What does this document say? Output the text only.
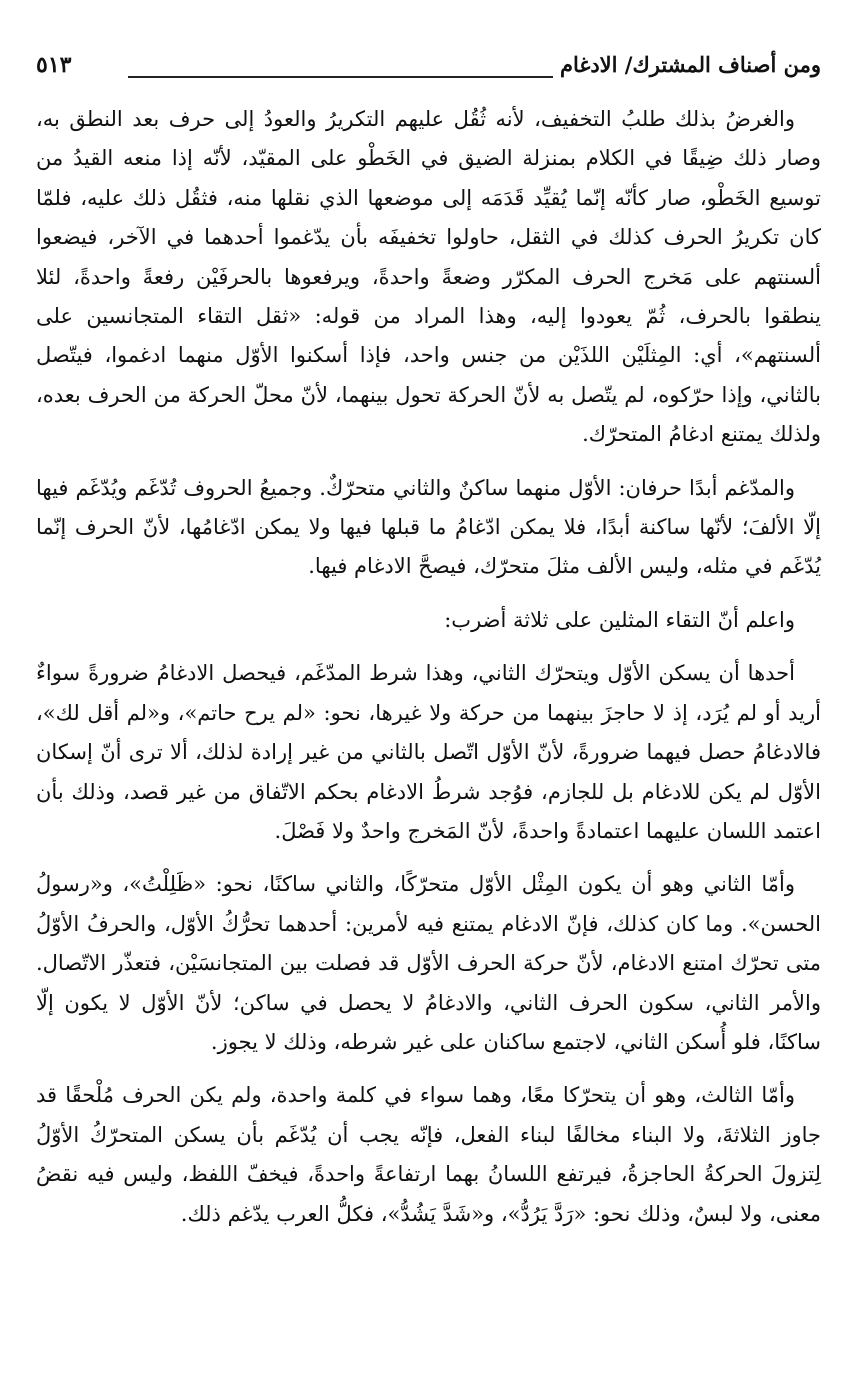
ومن أصناف المشترك/ الادغام
٥١٣

والغرضُ بذلك طلبُ التخفيف، لأنه ثُقُل عليهم التكريرُ والعودُ إلى حرف بعد النطق به، وصار ذلك ضِيقًا في الكلام بمنزلة الضيق في الخَطْو على المقيّد، لأنّه إذا منعه القيدُ من توسيع الخَطْو، صار كأنّه إنّما يُقيِّد قَدَمَه إلى موضعها الذي نقلها منه، فثقُل ذلك عليه، فلمّا كان تكريرُ الحرف كذلك في الثقل، حاولوا تخفيفَه بأن يدّغموا أحدهما في الآخر، فيضعوا ألسنتهم على مَخرج الحرف المكرّر وضعةً واحدةً، ويرفعوها بالحرفَيْن رفعةً واحدةً، لئلا ينطقوا بالحرف، ثُمّ يعودوا إليه، وهذا المراد من قوله: «ثقل التقاء المتجانسين على ألسنتهم»، أي: المِثلَيْن اللذَيْن من جنس واحد، فإذا أسكنوا الأوّل منهما ادغموا، فيتّصل بالثاني، وإذا حرّكوه، لم يتّصل به لأنّ الحركة تحول بينهما، لأنّ محلّ الحركة من الحرف بعده، ولذلك يمتنع ادغامُ المتحرّك.

والمدّغم أبدًا حرفان: الأوّل منهما ساكنٌ والثاني متحرّكٌ. وجميعُ الحروف تُدّغَم ويُدّغَم فيها إلّا الألفَ؛ لأنّها ساكنة أبدًا، فلا يمكن ادّغامُ ما قبلها فيها ولا يمكن ادّغامُها، لأنّ الحرف إنّما يُدّغَم في مثله، وليس الألف مثلَ متحرّك، فيصحَّ الادغام فيها.

واعلم أنّ التقاء المثلين على ثلاثة أضرب:

أحدها أن يسكن الأوّل ويتحرّك الثاني، وهذا شرط المدّغَم، فيحصل الادغامُ ضرورةً سواءٌ أريد أو لم يُرَد، إذ لا حاجزَ بينهما من حركة ولا غيرها، نحو: «لم يرح حاتم»، و«لم أقل لك»، فالادغامُ حصل فيهما ضرورةً، لأنّ الأوّل اتّصل بالثاني من غير إرادة لذلك، ألا ترى أنّ إسكان الأوّل لم يكن للادغام بل للجازم، فوُجد شرطُ الادغام بحكم الاتّفاق من غير قصد، وذلك بأن اعتمد اللسان عليهما اعتمادةً واحدةً، لأنّ المَخرج واحدٌ ولا فَصْلَ.

وأمّا الثاني وهو أن يكون المِثْل الأوّل متحرّكًا، والثاني ساكنًا، نحو: «ظَلِلْتُ»، و«رسولُ الحسن». وما كان كذلك، فإنّ الادغام يمتنع فيه لأمرين: أحدهما تحرُّكُ الأوّل، والحرفُ الأوّلُ متى تحرّك امتنع الادغام، لأنّ حركة الحرف الأوّل قد فصلت بين المتجانسَيْن، فتعذّر الاتّصال. والأمر الثاني، سكون الحرف الثاني، والادغامُ لا يحصل في ساكن؛ لأنّ الأوّل لا يكون إلّا ساكنًا، فلو أُسكن الثاني، لاجتمع ساكنان على غير شرطه، وذلك لا يجوز.

وأمّا الثالث، وهو أن يتحرّكا معًا، وهما سواء في كلمة واحدة، ولم يكن الحرف مُلْحقًا قد جاوز الثلاثةَ، ولا البناء مخالفًا لبناء الفعل، فإنّه يجب أن يُدّغَم بأن يسكن المتحرّكُ الأوّلُ لِتزولَ الحركةُ الحاجزةُ، فيرتفع اللسانُ بهما ارتفاعةً واحدةً، فيخفّ اللفظ، وليس فيه نقضُ معنى، ولا لبسٌ، وذلك نحو: «رَدَّ يَرُدُّ»، و«شَدَّ يَشُدُّ»، فكلُّ العرب يدّغم ذلك.
